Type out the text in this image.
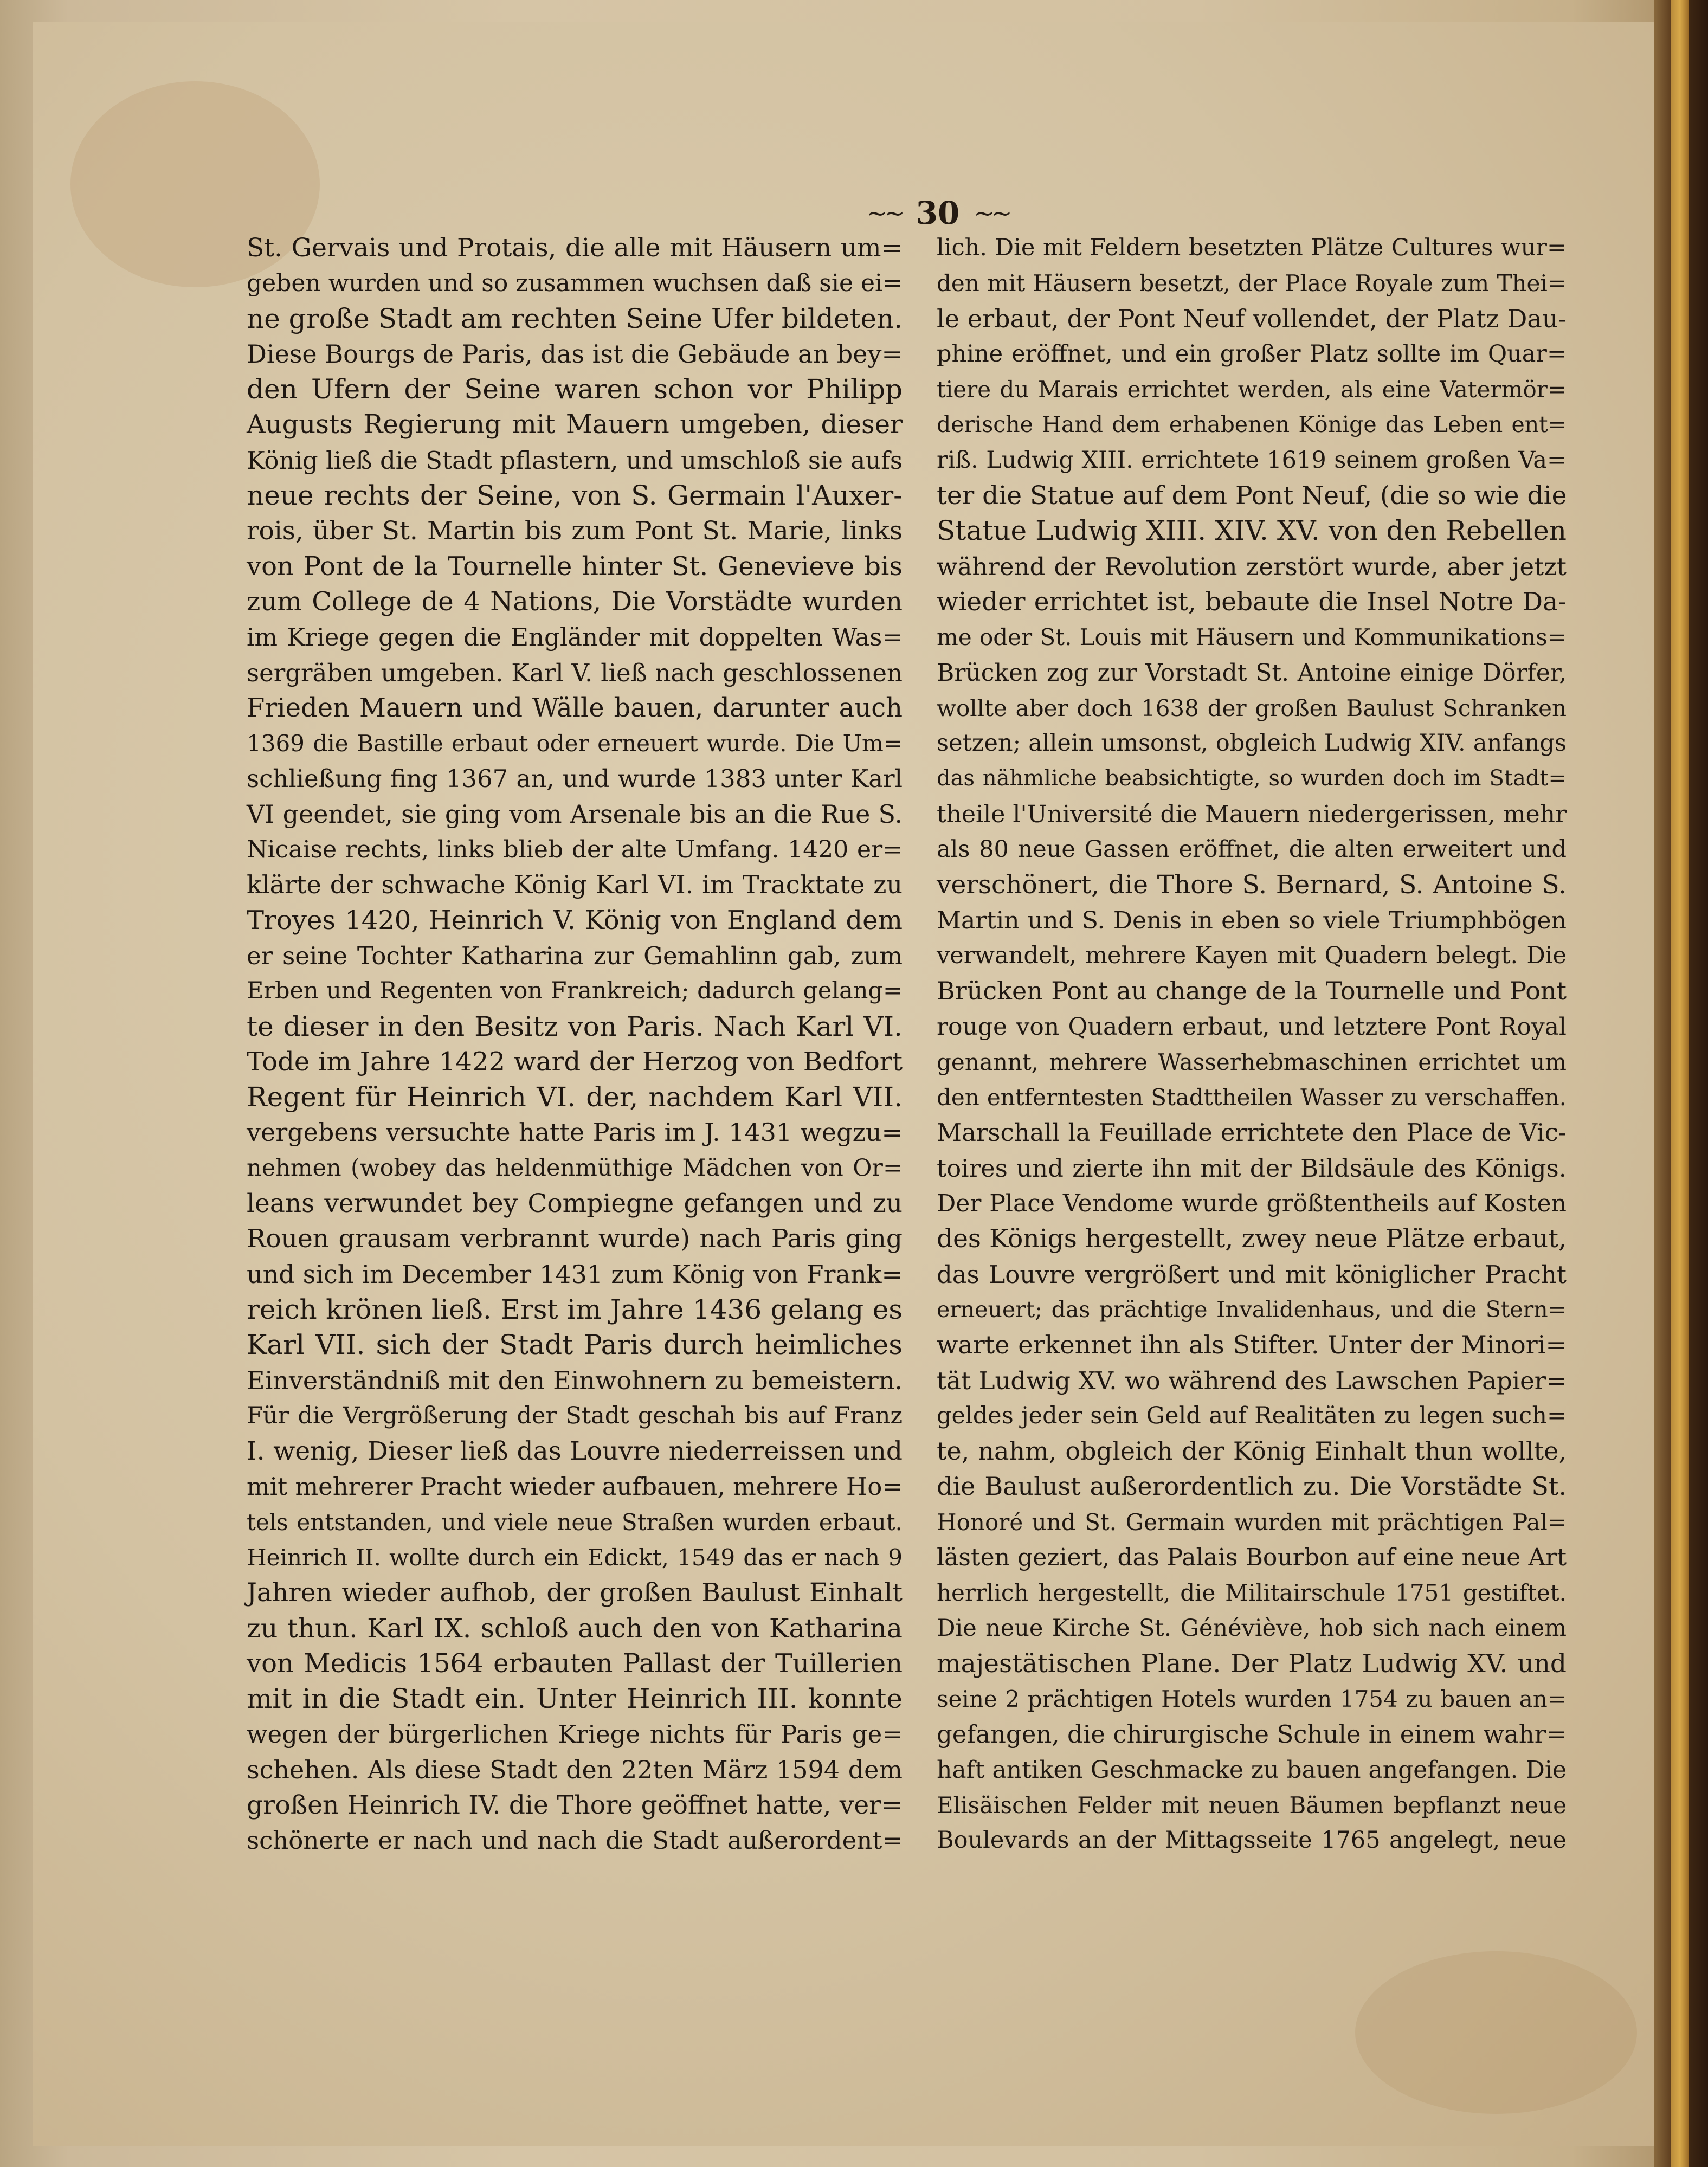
~~ 30 ~~
St. Gervais und Protais, die alle mit Häusern um=
geben wurden und so zusammen wuchsen daß sie ei=
ne große Stadt am rechten Seine Ufer bildeten.
Diese Bourgs de Paris, das ist die Gebäude an bey=
den Ufern der Seine waren schon vor Philipp
Augusts Regierung mit Mauern umgeben, dieser
König ließ die Stadt pflastern, und umschloß sie aufs
neue rechts der Seine, von S. Germain l'Auxer-
rois, über St. Martin bis zum Pont St. Marie, links
von Pont de la Tournelle hinter St. Genevieve bis
zum College de 4 Nations, Die Vorstädte wurden
im Kriege gegen die Engländer mit doppelten Was=
sergräben umgeben. Karl V. ließ nach geschlossenen
Frieden Mauern und Wälle bauen, darunter auch
1369 die Bastille erbaut oder erneuert wurde. Die Um=
schließung fing 1367 an, und wurde 1383 unter Karl
VI geendet, sie ging vom Arsenale bis an die Rue S.
Nicaise rechts, links blieb der alte Umfang. 1420 er=
klärte der schwache König Karl VI. im Tracktate zu
Troyes 1420, Heinrich V. König von England dem
er seine Tochter Katharina zur Gemahlinn gab, zum
Erben und Regenten von Frankreich; dadurch gelang=
te dieser in den Besitz von Paris. Nach Karl VI.
Tode im Jahre 1422 ward der Herzog von Bedfort
Regent für Heinrich VI. der, nachdem Karl VII.
vergebens versuchte hatte Paris im J. 1431 wegzu=
nehmen (wobey das heldenmüthige Mädchen von Or=
leans verwundet bey Compiegne gefangen und zu
Rouen grausam verbrannt wurde) nach Paris ging
und sich im December 1431 zum König von Frank=
reich krönen ließ. Erst im Jahre 1436 gelang es
Karl VII. sich der Stadt Paris durch heimliches
Einverständniß mit den Einwohnern zu bemeistern.
Für die Vergrößerung der Stadt geschah bis auf Franz
I. wenig, Dieser ließ das Louvre niederreissen und
mit mehrerer Pracht wieder aufbauen, mehrere Ho=
tels entstanden, und viele neue Straßen wurden erbaut.
Heinrich II. wollte durch ein Edickt, 1549 das er nach 9
Jahren wieder aufhob, der großen Baulust Einhalt
zu thun. Karl IX. schloß auch den von Katharina
von Medicis 1564 erbauten Pallast der Tuillerien
mit in die Stadt ein. Unter Heinrich III. konnte
wegen der bürgerlichen Kriege nichts für Paris ge=
schehen. Als diese Stadt den 22ten März 1594 dem
großen Heinrich IV. die Thore geöffnet hatte, ver=
schönerte er nach und nach die Stadt außerordent=
lich. Die mit Feldern besetzten Plätze Cultures wur=
den mit Häusern besetzt, der Place Royale zum Thei=
le erbaut, der Pont Neuf vollendet, der Platz Dau-
phine eröffnet, und ein großer Platz sollte im Quar=
tiere du Marais errichtet werden, als eine Vatermör=
derische Hand dem erhabenen Könige das Leben ent=
riß. Ludwig XIII. errichtete 1619 seinem großen Va=
ter die Statue auf dem Pont Neuf, (die so wie die
Statue Ludwig XIII. XIV. XV. von den Rebellen
während der Revolution zerstört wurde, aber jetzt
wieder errichtet ist, bebaute die Insel Notre Da-
me oder St. Louis mit Häusern und Kommunikations=
Brücken zog zur Vorstadt St. Antoine einige Dörfer,
wollte aber doch 1638 der großen Baulust Schranken
setzen; allein umsonst, obgleich Ludwig XIV. anfangs
das nähmliche beabsichtigte, so wurden doch im Stadt=
theile l'Université die Mauern niedergerissen, mehr
als 80 neue Gassen eröffnet, die alten erweitert und
verschönert, die Thore S. Bernard, S. Antoine S.
Martin und S. Denis in eben so viele Triumphbögen
verwandelt, mehrere Kayen mit Quadern belegt. Die
Brücken Pont au change de la Tournelle und Pont
rouge von Quadern erbaut, und letztere Pont Royal
genannt, mehrere Wasserhebmaschinen errichtet um
den entferntesten Stadttheilen Wasser zu verschaffen.
Marschall la Feuillade errichtete den Place de Vic-
toires und zierte ihn mit der Bildsäule des Königs.
Der Place Vendome wurde größtentheils auf Kosten
des Königs hergestellt, zwey neue Plätze erbaut,
das Louvre vergrößert und mit königlicher Pracht
erneuert; das prächtige Invalidenhaus, und die Stern=
warte erkennet ihn als Stifter. Unter der Minori=
tät Ludwig XV. wo während des Lawschen Papier=
geldes jeder sein Geld auf Realitäten zu legen such=
te, nahm, obgleich der König Einhalt thun wollte,
die Baulust außerordentlich zu. Die Vorstädte St.
Honoré und St. Germain wurden mit prächtigen Pal=
lästen geziert, das Palais Bourbon auf eine neue Art
herrlich hergestellt, die Militairschule 1751 gestiftet.
Die neue Kirche St. Généviève, hob sich nach einem
majestätischen Plane. Der Platz Ludwig XV. und
seine 2 prächtigen Hotels wurden 1754 zu bauen an=
gefangen, die chirurgische Schule in einem wahr=
haft antiken Geschmacke zu bauen angefangen. Die
Elisäischen Felder mit neuen Bäumen bepflanzt neue
Boulevards an der Mittagsseite 1765 angelegt, neue
